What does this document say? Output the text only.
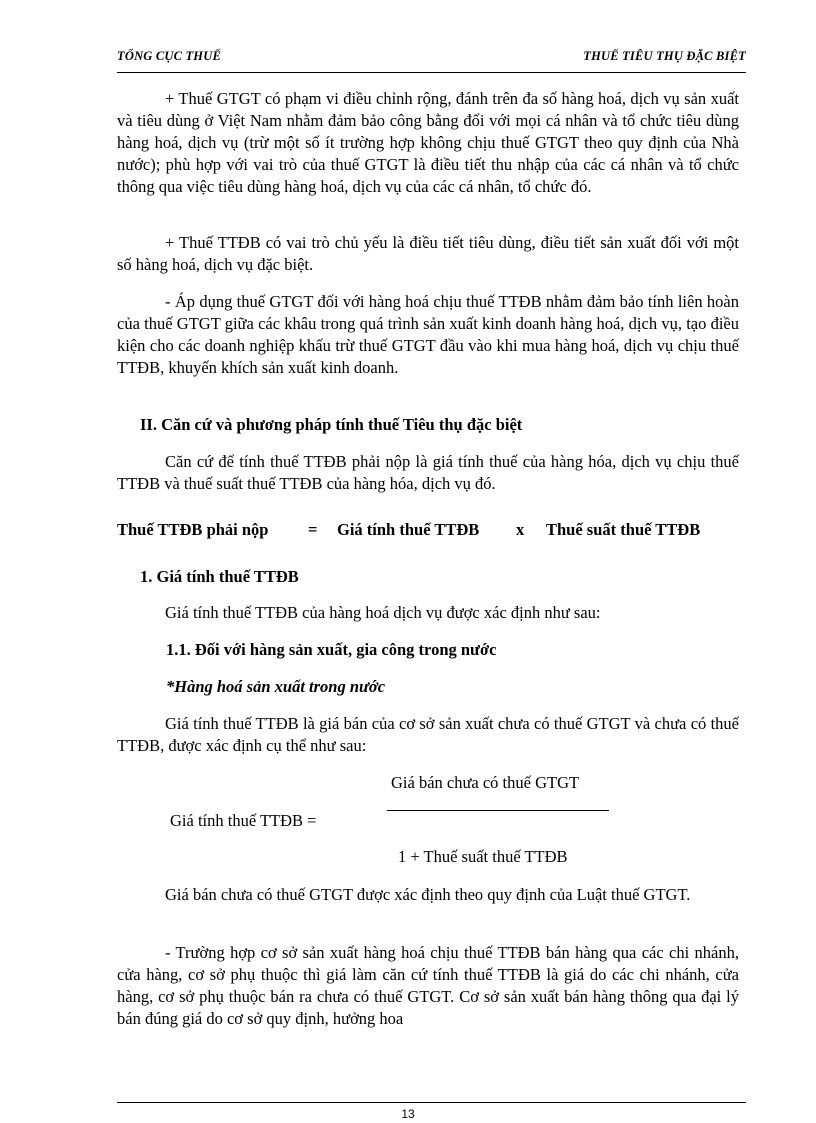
TỔNG CỤC THUẾ	THUẾ TIÊU THỤ ĐẶC BIỆT
+ Thuế GTGT có phạm vi điều chỉnh rộng, đánh trên đa số hàng hoá, dịch vụ sản xuất và tiêu dùng ở Việt Nam nhằm đảm bảo công bằng đối với mọi cá nhân và tổ chức tiêu dùng hàng hoá, dịch vụ (trừ một số ít trường hợp không chịu thuế GTGT theo quy định của Nhà nước); phù hợp với vai trò của thuế GTGT là điều tiết thu nhập của các cá nhân và tổ chức thông qua việc tiêu dùng hàng hoá, dịch vụ của các cá nhân, tổ chức đó.
+ Thuế TTĐB có vai trò chủ yếu là điều tiết tiêu dùng, điều tiết sản xuất đối với một số hàng hoá, dịch vụ đặc biệt.
- Áp dụng thuế GTGT đối với hàng hoá chịu thuế TTĐB nhằm đảm bảo tính liên hoàn của thuế GTGT giữa các khâu trong quá trình sản xuất kinh doanh hàng hoá, dịch vụ, tạo điều kiện cho các doanh nghiệp khấu trừ thuế GTGT đầu vào khi mua hàng hoá, dịch vụ chịu thuế TTĐB, khuyến khích sản xuất kinh doanh.
II. Căn cứ và phương pháp tính thuế Tiêu thụ đặc biệt
Căn cứ để tính thuế TTĐB phải nộp là giá tính thuế của hàng hóa, dịch vụ chịu thuế TTĐB và thuế suất thuế TTĐB của hàng hóa, dịch vụ đó.
Thuế TTĐB phải nộp = Giá tính thuế TTĐB x Thuế suất thuế TTĐB
1. Giá tính thuế TTĐB
Giá tính thuế TTĐB của hàng hoá dịch vụ được xác định như sau:
1.1. Đối với hàng sản xuất, gia công trong nước
*Hàng hoá sản xuất trong nước
Giá tính thuế TTĐB là giá bán của cơ sở sản xuất chưa có thuế GTGT và chưa có thuế TTĐB, được xác định cụ thể như sau:
Giá bán chưa có thuế GTGT
Giá tính thuế TTĐB =
1 + Thuế suất thuế TTĐB
Giá bán chưa có thuế GTGT được xác định theo quy định của Luật thuế GTGT.
- Trường hợp cơ sở sản xuất hàng hoá chịu thuế TTĐB bán hàng qua các chi nhánh, cửa hàng, cơ sở phụ thuộc thì giá làm căn cứ tính thuế TTĐB là giá do các chi nhánh, cửa hàng, cơ sở phụ thuộc bán ra chưa có thuế GTGT. Cơ sở sản xuất bán hàng thông qua đại lý bán đúng giá do cơ sở quy định, hưởng hoa
13
